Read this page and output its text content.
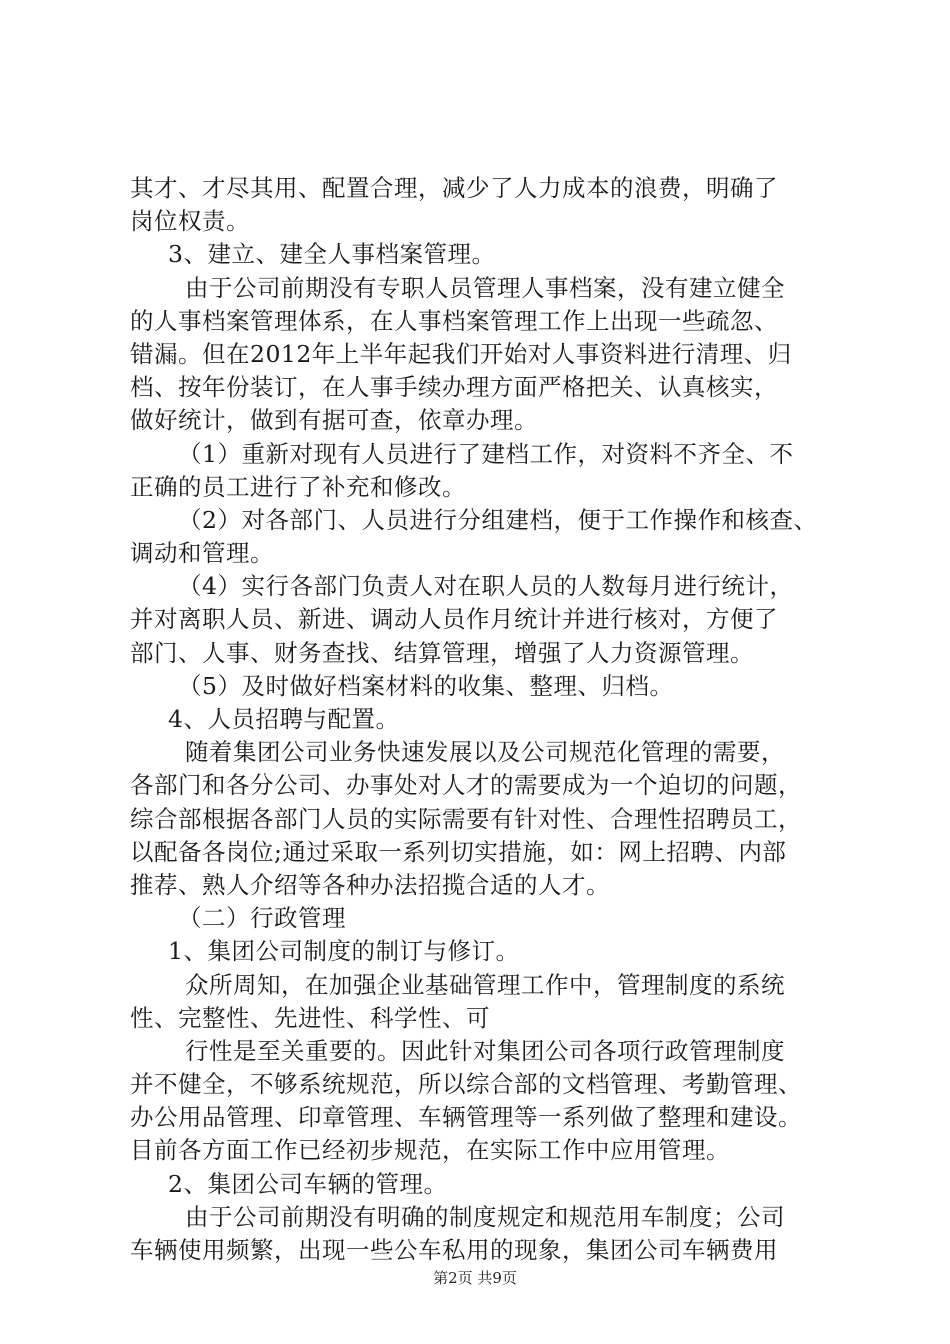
其才、才尽其用、配置合理，减少了人力成本的浪费，明确了
岗位权责。
3、建立、建全人事档案管理。
由于公司前期没有专职人员管理人事档案，没有建立健全
的人事档案管理体系，在人事档案管理工作上出现一些疏忽、
错漏。但在2012年上半年起我们开始对人事资料进行清理、归
档、按年份装订，在人事手续办理方面严格把关、认真核实，
做好统计，做到有据可查，依章办理。
（1）重新对现有人员进行了建档工作，对资料不齐全、不
正确的员工进行了补充和修改。
（2）对各部门、人员进行分组建档，便于工作操作和核查、
调动和管理。
（4）实行各部门负责人对在职人员的人数每月进行统计，
并对离职人员、新进、调动人员作月统计并进行核对，方便了
部门、人事、财务查找、结算管理，增强了人力资源管理。
（5）及时做好档案材料的收集、整理、归档。
4、人员招聘与配置。
随着集团公司业务快速发展以及公司规范化管理的需要，
各部门和各分公司、办事处对人才的需要成为一个迫切的问题，
综合部根据各部门人员的实际需要有针对性、合理性招聘员工，
以配备各岗位;通过采取一系列切实措施，如：网上招聘、内部
推荐、熟人介绍等各种办法招揽合适的人才。
（二）行政管理
1、集团公司制度的制订与修订。
众所周知，在加强企业基础管理工作中，管理制度的系统
性、完整性、先进性、科学性、可
行性是至关重要的。因此针对集团公司各项行政管理制度
并不健全，不够系统规范，所以综合部的文档管理、考勤管理、
办公用品管理、印章管理、车辆管理等一系列做了整理和建设。
目前各方面工作已经初步规范，在实际工作中应用管理。
2、集团公司车辆的管理。
由于公司前期没有明确的制度规定和规范用车制度；公司
车辆使用频繁，出现一些公车私用的现象，集团公司车辆费用
第2页 共9页
